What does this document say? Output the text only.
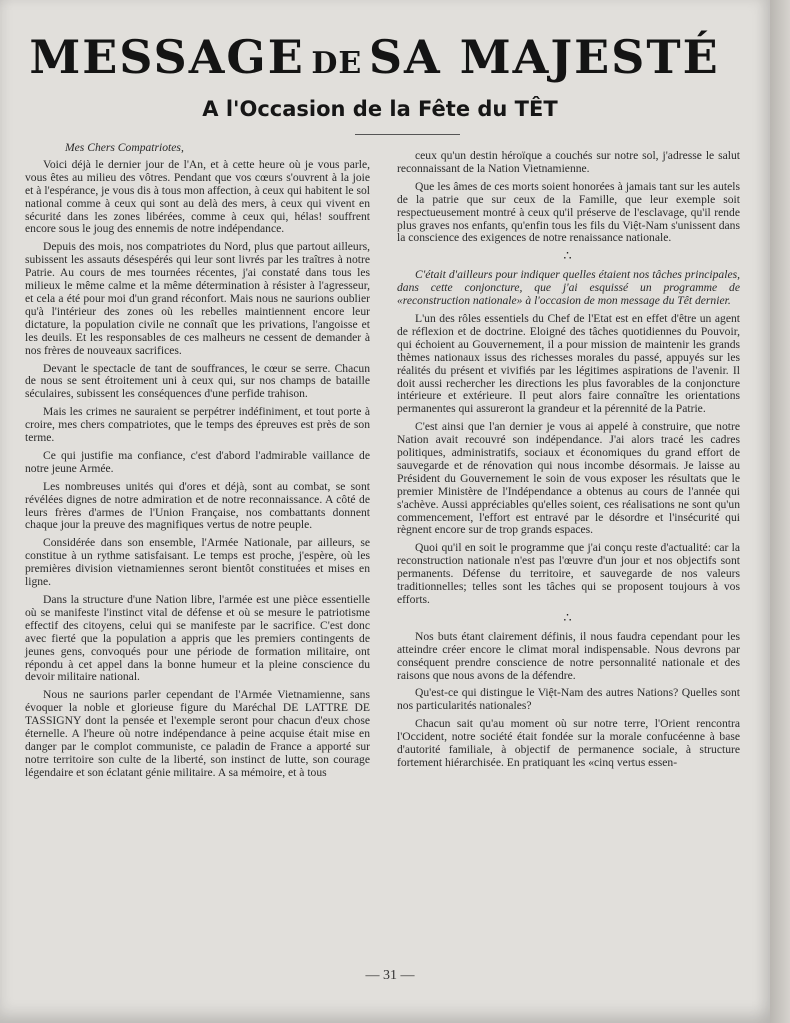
MESSAGE DE SA MAJESTÉ
A l'Occasion de la Fête du TÊT

Mes Chers Compatriotes,

Voici déjà le dernier jour de l'An, et à cette heure où je vous parle, vous êtes au milieu des vôtres. Pendant que vos cœurs s'ouvrent à la joie et à l'espérance, je vous dis à tous mon affection, à ceux qui habitent le sol national comme à ceux qui sont au delà des mers, à ceux qui vivent en sécurité dans les zones libérées, comme à ceux qui, hélas! souffrent encore sous le joug des ennemis de notre indépendance.

Depuis des mois, nos compatriotes du Nord, plus que partout ailleurs, subissent les assauts désespérés qui leur sont livrés par les traîtres à notre Patrie. Au cours de mes tournées récentes, j'ai constaté dans tous les milieux le même calme et la même détermination à résister à l'agresseur, et cela a été pour moi d'un grand réconfort. Mais nous ne saurions oublier qu'à l'intérieur des zones où les rebelles maintiennent encore leur dictature, la population civile ne connaît que les privations, l'angoisse et les deuils. Et les responsables de ces malheurs ne cessent de demander à nos frères de nouveaux sacrifices.

Devant le spectacle de tant de souffrances, le cœur se serre. Chacun de nous se sent étroitement uni à ceux qui, sur nos champs de bataille séculaires, subissent les conséquences d'une perfide trahison.

Mais les crimes ne sauraient se perpétrer indéfiniment, et tout porte à croire, mes chers compatriotes, que le temps des épreuves est près de son terme.

Ce qui justifie ma confiance, c'est d'abord l'admirable vaillance de notre jeune Armée.

Les nombreuses unités qui d'ores et déjà, sont au combat, se sont révélées dignes de notre admiration et de notre reconnaissance. A côté de leurs frères d'armes de l'Union Française, nos combattants donnent chaque jour la preuve des magnifiques vertus de notre peuple.

Considérée dans son ensemble, l'Armée Nationale, par ailleurs, se constitue à un rythme satisfaisant. Le temps est proche, j'espère, où les premières division vietnamiennes seront bientôt constituées et mises en ligne.

Dans la structure d'une Nation libre, l'armée est une pièce essentielle où se manifeste l'instinct vital de défense et où se mesure le patriotisme effectif des citoyens, celui qui se manifeste par le sacrifice. C'est donc avec fierté que la population a appris que les premiers contingents de jeunes gens, convoqués pour une période de formation militaire, ont répondu à cet appel dans la bonne humeur et la pleine conscience du devoir militaire national.

Nous ne saurions parler cependant de l'Armée Vietnamienne, sans évoquer la noble et glorieuse figure du Maréchal DE LATTRE DE TASSIGNY dont la pensée et l'exemple seront pour chacun d'eux chose éternelle. A l'heure où notre indépendance à peine acquise était mise en danger par le complot communiste, ce paladin de France a apporté sur notre territoire son culte de la liberté, son instinct de lutte, son courage légendaire et son éclatant génie militaire. A sa mémoire, et à tous

ceux qu'un destin héroïque a couchés sur notre sol, j'adresse le salut reconnaissant de la Nation Vietnamienne.

Que les âmes de ces morts soient honorées à jamais tant sur les autels de la patrie que sur ceux de la Famille, que leur exemple soit respectueusement montré à ceux qu'il préserve de l'esclavage, qu'il rende plus graves nos enfants, qu'enfin tous les fils du Việt-Nam s'unissent dans la conscience des exigences de notre renaissance nationale.

∴

C'était d'ailleurs pour indiquer quelles étaient nos tâches principales, dans cette conjoncture, que j'ai esquissé un programme de «reconstruction nationale» à l'occasion de mon message du Têt dernier.

L'un des rôles essentiels du Chef de l'Etat est en effet d'être un agent de réflexion et de doctrine. Eloigné des tâches quotidiennes du Pouvoir, qui échoient au Gouvernement, il a pour mission de maintenir les grands thèmes nationaux issus des richesses morales du passé, appuyés sur les réalités du présent et vivifiés par les légitimes aspirations de l'avenir. Il doit aussi rechercher les directions les plus favorables de la conjoncture intérieure et extérieure. Il peut alors faire connaître les orientations permanentes qui assureront la grandeur et la pérennité de la Patrie.

C'est ainsi que l'an dernier je vous ai appelé à construire, que notre Nation avait recouvré son indépendance. J'ai alors tracé les cadres politiques, administratifs, sociaux et économiques du grand effort de sauvegarde et de rénovation qui nous incombe désormais. Je laisse au Président du Gouvernement le soin de vous exposer les résultats que le premier Ministère de l'Indépendance a obtenus au cours de l'année qui s'achève. Aussi appréciables qu'elles soient, ces réalisations ne sont qu'un commencement, l'effort est entravé par le désordre et l'insécurité qui règnent encore sur de trop grands espaces.

Quoi qu'il en soit le programme que j'ai conçu reste d'actualité: car la reconstruction nationale n'est pas l'œuvre d'un jour et nos objectifs sont permanents. Défense du territoire, et sauvegarde de nos valeurs traditionnelles; telles sont les tâches qui se proposent toujours à vos efforts.

∴

Nos buts étant clairement définis, il nous faudra cependant pour les atteindre créer encore le climat moral indispensable. Nous devrons par conséquent prendre conscience de notre personnalité nationale et des raisons que nous avons de la défendre.

Qu'est-ce qui distingue le Việt-Nam des autres Nations? Quelles sont nos particularités nationales?

Chacun sait qu'au moment où sur notre terre, l'Orient rencontra l'Occident, notre société était fondée sur la morale confucéenne à base d'autorité familiale, à objectif de permanence sociale, à structure fortement hiérarchisée. En pratiquant les «cinq vertus essen-

— 31 —
